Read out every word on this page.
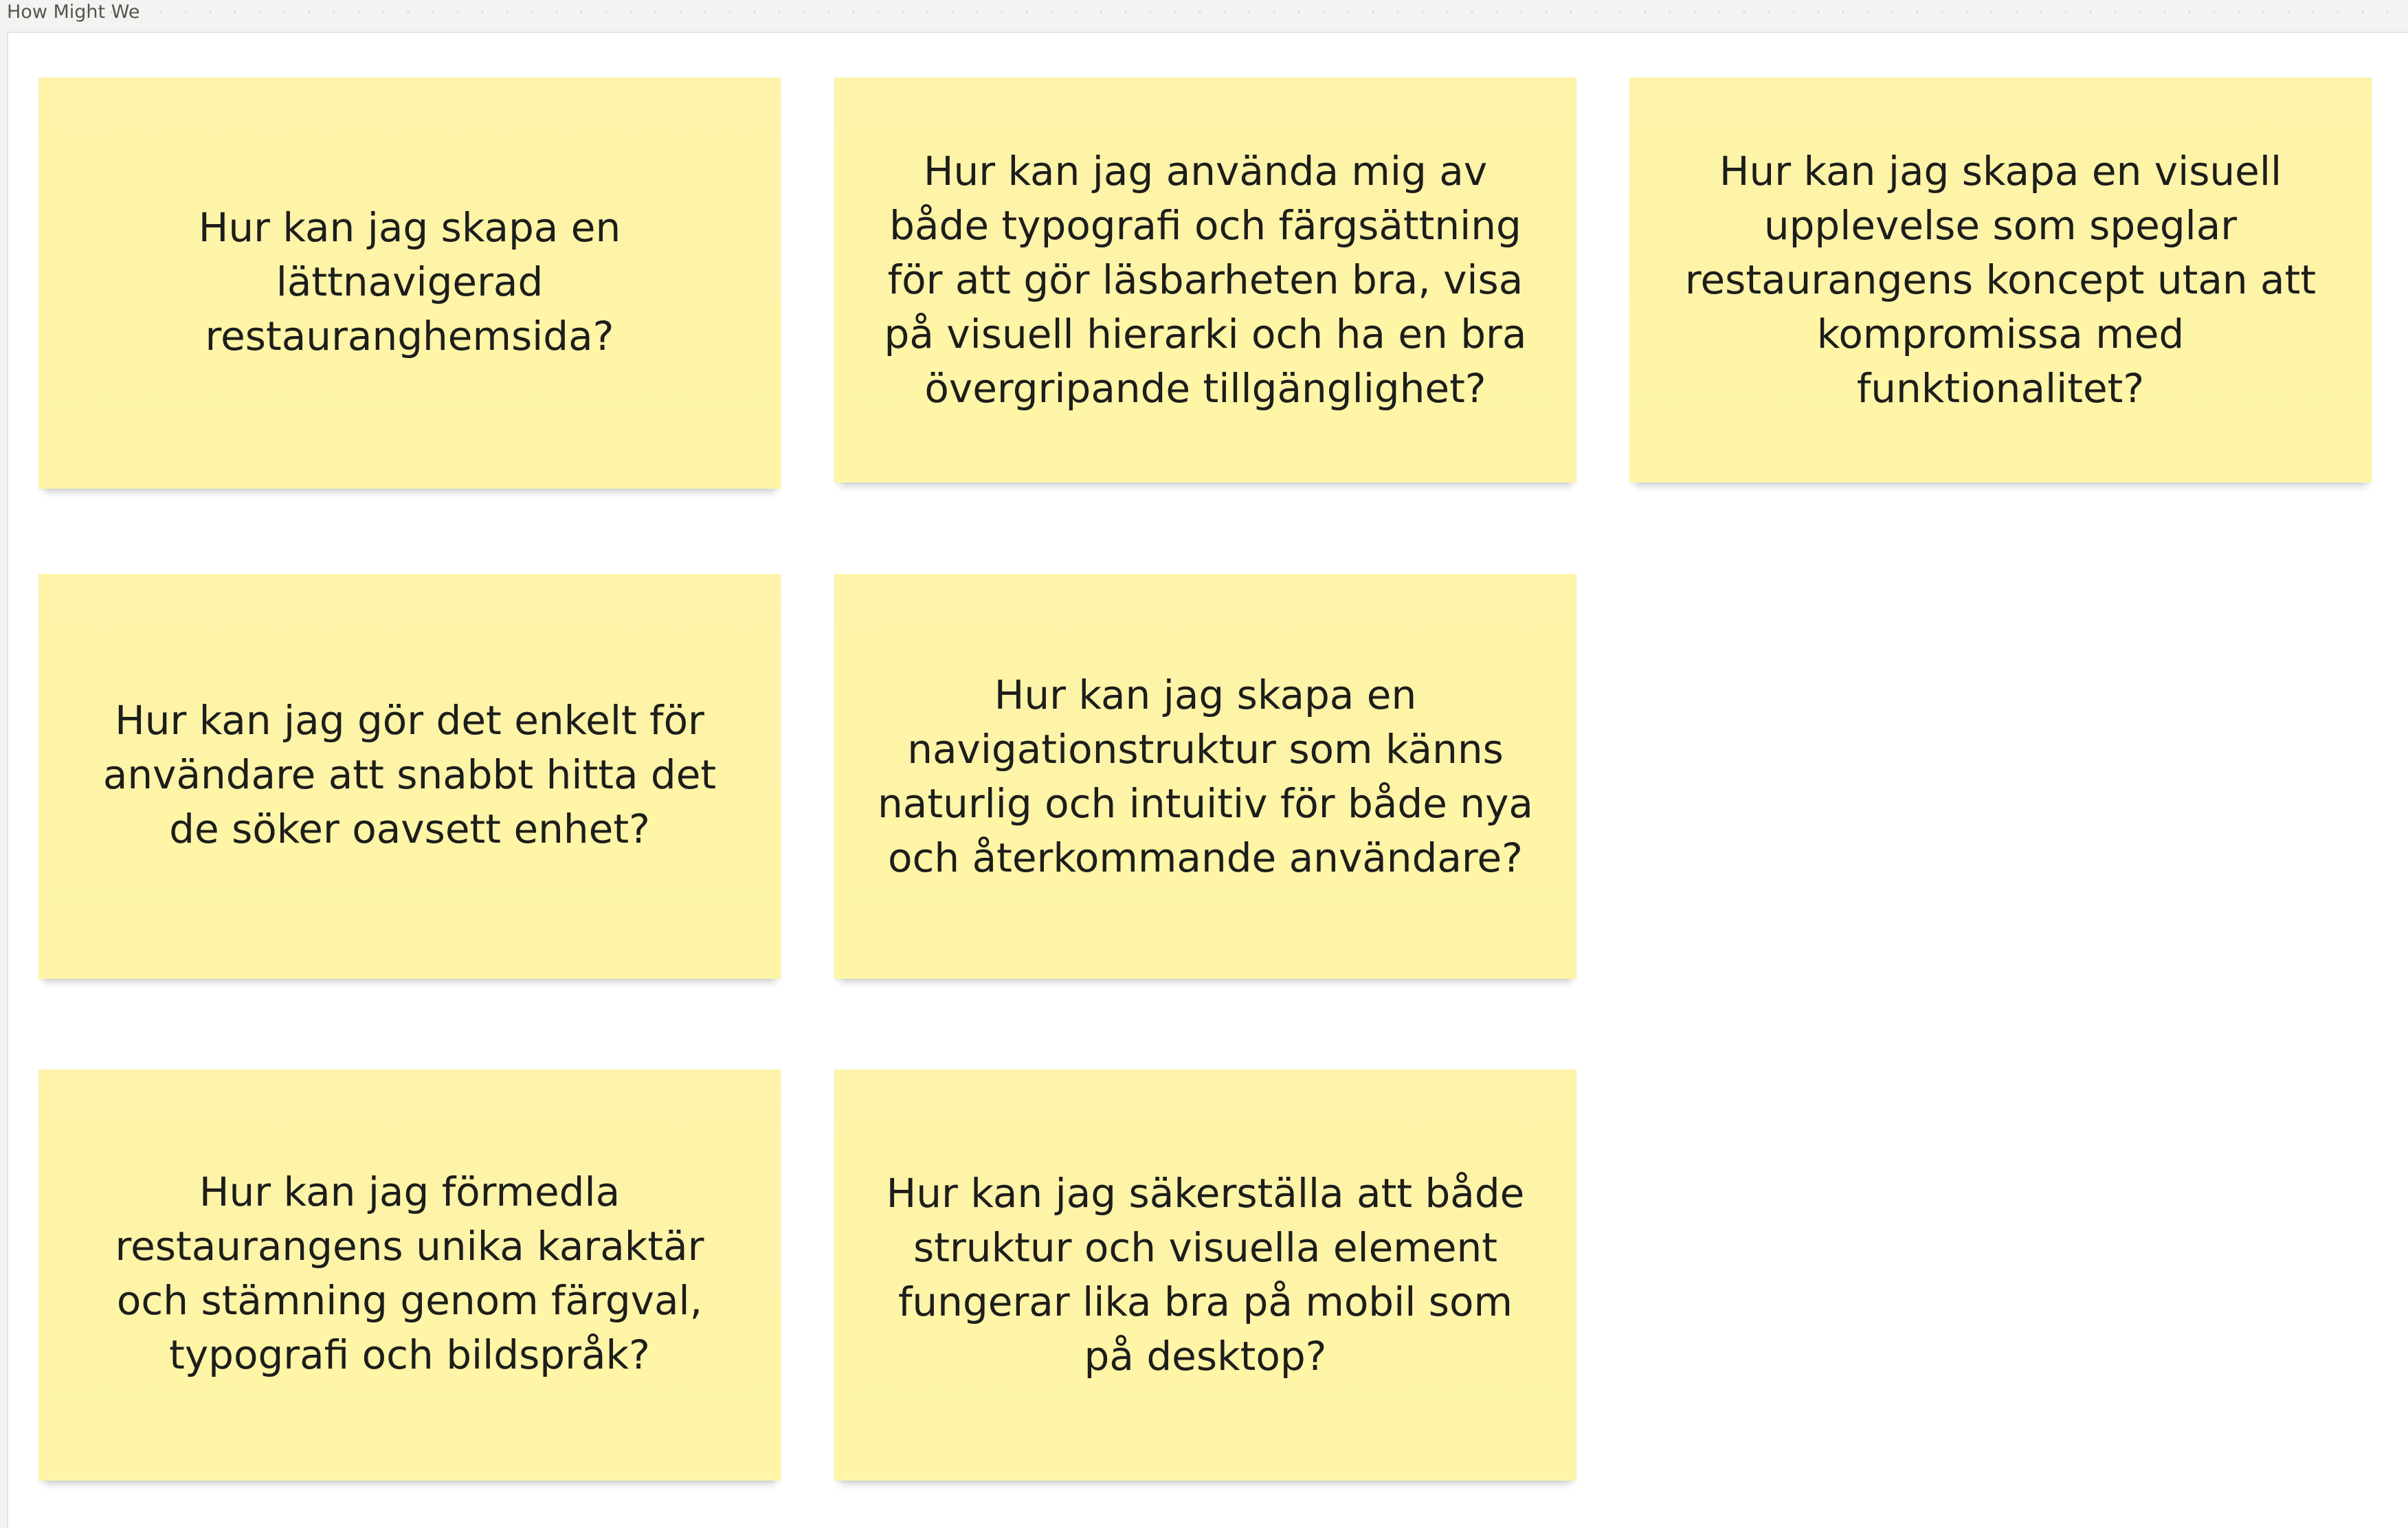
How Might We
Hur kan jag skapa en lättnavigerad restauranghemsida?
Hur kan jag använda mig av både typografi och färgsättning för att gör läsbarheten bra, visa på visuell hierarki och ha en bra övergripande tillgänglighet?
Hur kan jag skapa en visuell upplevelse som speglar restaurangens koncept utan att kompromissa med funktionalitet?
Hur kan jag gör det enkelt för användare att snabbt hitta det de söker oavsett enhet?
Hur kan jag skapa en navigationstruktur som känns naturlig och intuitiv för både nya och återkommande användare?
Hur kan jag förmedla restaurangens unika karaktär och stämning genom färgval, typografi och bildspråk?
Hur kan jag säkerställa att både struktur och visuella element fungerar lika bra på mobil som på desktop?
